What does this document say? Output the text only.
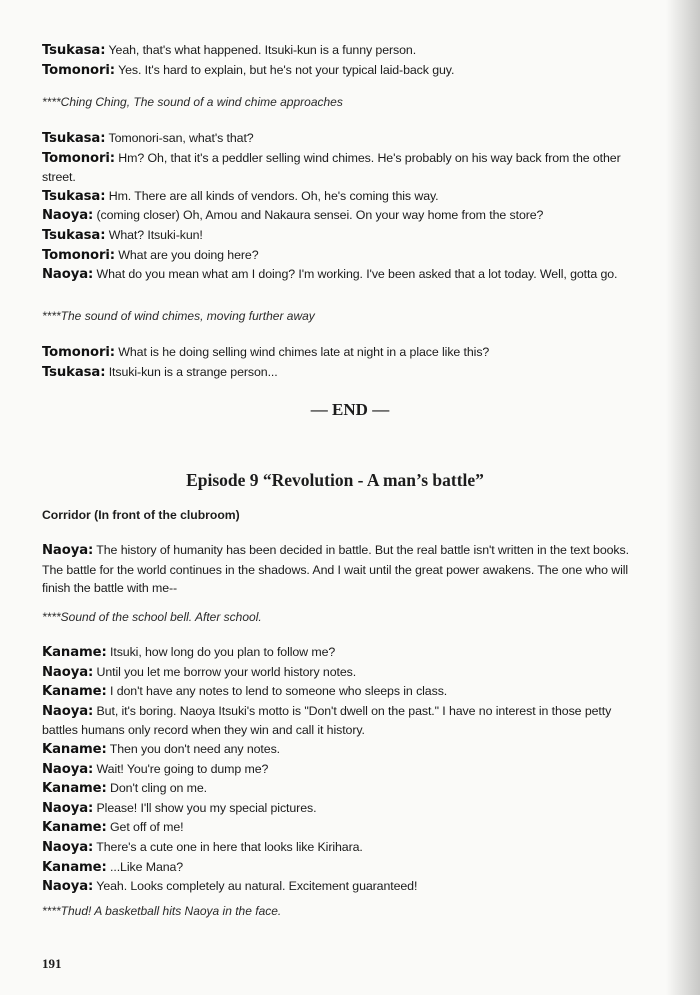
Tsukasa: Yeah, that's what happened. Itsuki-kun is a funny person.
Tomonori: Yes. It's hard to explain, but he's not your typical laid-back guy.
****Ching Ching, The sound of a wind chime approaches
Tsukasa: Tomonori-san, what's that?
Tomonori: Hm? Oh, that it's a peddler selling wind chimes. He's probably on his way back from the other street.
Tsukasa: Hm. There are all kinds of vendors. Oh, he's coming this way.
Naoya: (coming closer) Oh, Amou and Nakaura sensei. On your way home from the store?
Tsukasa: What? Itsuki-kun!
Tomonori: What are you doing here?
Naoya: What do you mean what am I doing? I'm working. I've been asked that a lot today. Well, gotta go.
****The sound of wind chimes, moving further away
Tomonori: What is he doing selling wind chimes late at night in a place like this?
Tsukasa: Itsuki-kun is a strange person...
— END —
Episode 9 “Revolution - A man’s battle”
Corridor (In front of the clubroom)
Naoya: The history of humanity has been decided in battle. But the real battle isn't written in the text books. The battle for the world continues in the shadows. And I wait until the great power awakens. The one who will finish the battle with me--
****Sound of the school bell. After school.
Kaname: Itsuki, how long do you plan to follow me?
Naoya: Until you let me borrow your world history notes.
Kaname: I don't have any notes to lend to someone who sleeps in class.
Naoya: But, it's boring. Naoya Itsuki's motto is "Don't dwell on the past." I have no interest in those petty battles humans only record when they win and call it history.
Kaname: Then you don't need any notes.
Naoya: Wait! You're going to dump me?
Kaname: Don't cling on me.
Naoya: Please! I'll show you my special pictures.
Kaname: Get off of me!
Naoya: There's a cute one in here that looks like Kirihara.
Kaname: ...Like Mana?
Naoya: Yeah. Looks completely au natural. Excitement guaranteed!
****Thud! A basketball hits Naoya in the face.
191
